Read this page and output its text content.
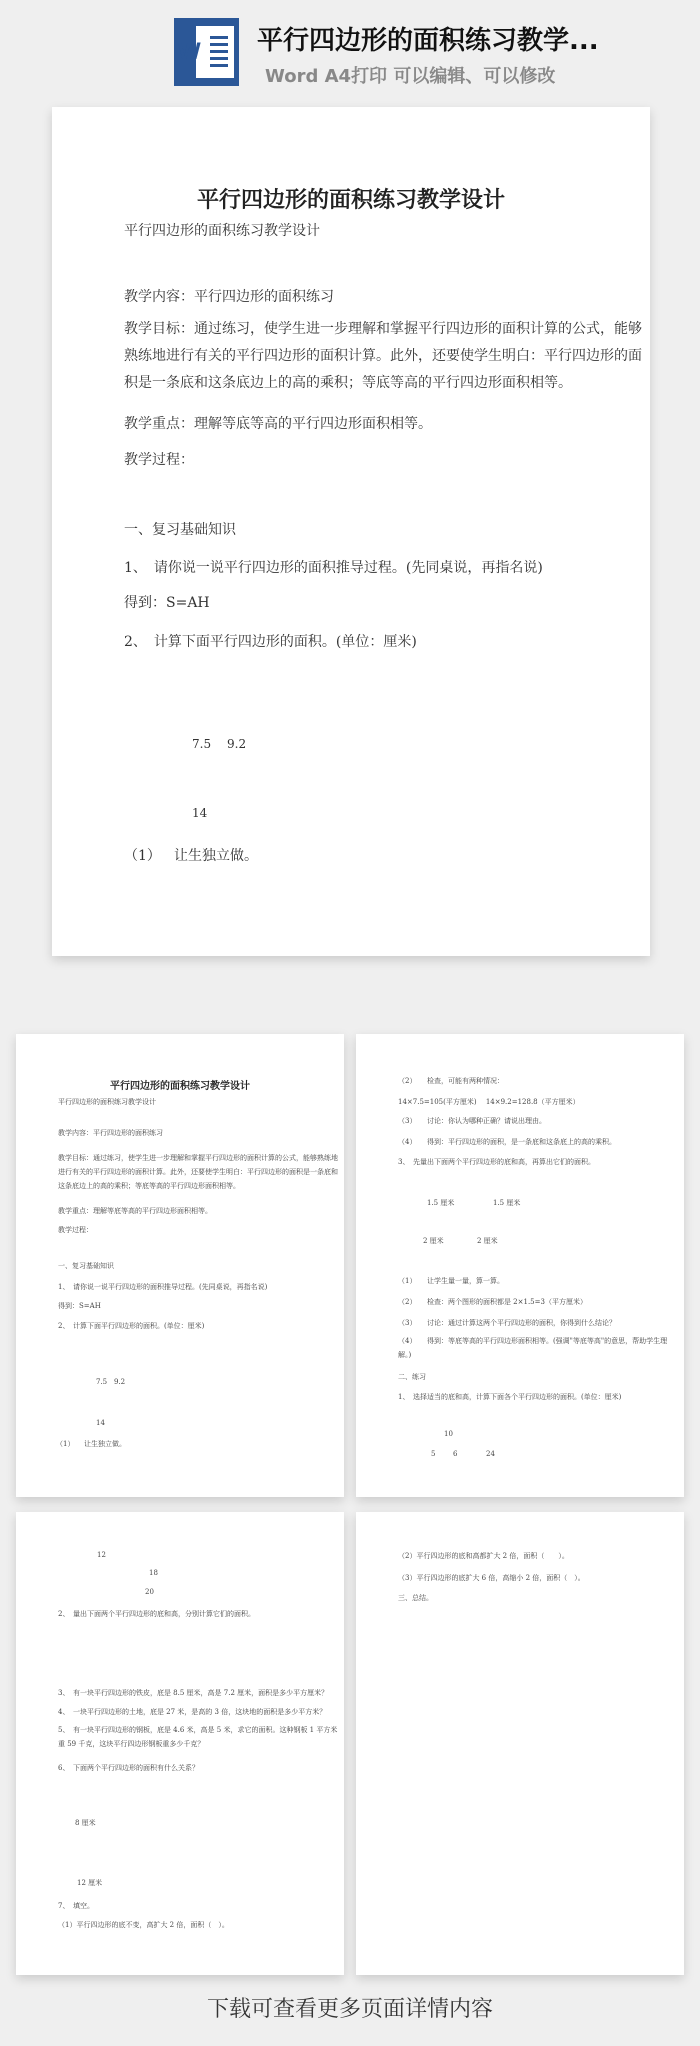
W 平行四边形的面积练习教学...
Word A4打印 可以编辑、可以修改
平行四边形的面积练习教学设计
平行四边形的面积练习教学设计
教学内容：平行四边形的面积练习
教学目标：通过练习，使学生进一步理解和掌握平行四边形的面积计算的公式，能够熟练地进行有关的平行四边形的面积计算。此外，还要使学生明白：平行四边形的面积是一条底和这条底边上的高的乘积；等底等高的平行四边形面积相等。
教学重点：理解等底等高的平行四边形面积相等。
教学过程：
一、复习基础知识
1、　请你说一说平行四边形的面积推导过程。(先同桌说，再指名说)
得到：S=AH
2、　计算下面平行四边形的面积。(单位：厘米)
7.5 9.2
14
（1） 让生独立做。
平行四边形的面积练习教学设计
平行四边形的面积练习教学设计
教学内容：平行四边形的面积练习
教学目标：通过练习，使学生进一步理解和掌握平行四边形的面积计算的公式，能够熟练地进行有关的平行四边形的面积计算。此外，还要使学生明白：平行四边形的面积是一条底和这条底边上的高的乘积；等底等高的平行四边形面积相等。
教学重点：理解等底等高的平行四边形面积相等。
教学过程：
一、复习基础知识
1、　请你说一说平行四边形的面积推导过程。(先同桌说，再指名说)
得到：S=AH
2、　计算下面平行四边形的面积。(单位：厘米)
7.5 9.2
14
（1） 让生独立做。
（2）　　检查，可能有两种情况：
14×7.5=105(平方厘米)　 14×9.2=128.8（平方厘米）
（3）　　讨论：你认为哪种正确？请说出理由。
（4）　　得到：平行四边形的面积，是一条底和这条底上的高的乘积。
3、　先量出下面两个平行四边形的底和高，再算出它们的面积。
1.5 厘米	1.5 厘米
2 厘米	2 厘米
（1）　　让学生量一量，算一算。
（2）　　检查：两个图形的面积都是 2×1.5=3（平方厘米）
（3）　　讨论：通过计算这两个平行四边形的面积，你得到什么结论？
（4）　　得到：等底等高的平行四边形面积相等。(强调"等底等高"的意思，帮助学生理解。)
二、练习
1、　选择适当的底和高，计算下面各个平行四边形的面积。(单位：厘米)
10
5	6	24
12
18
20
2、　量出下面两个平行四边形的底和高，分别计算它们的面积。
3、　有一块平行四边形的铁皮，底是 8.5 厘米，高是 7.2 厘米，面积是多少平方厘米？
4、　一块平行四边形的土地，底是 27 米，是高的 3 倍，这块地的面积是多少平方米？
5、　有一块平行四边形的钢板，底是 4.6 米，高是 5 米，求它的面积。这种钢板 1 平方米重 59 千克，这块平行四边形钢板重多少千克？
6、　下面两个平行四边形的面积有什么关系？
8 厘米
12 厘米
7、　填空。
（1）平行四边形的底不变，高扩大 2 倍，面积（　）。
（2）平行四边形的底和高都扩大 2 倍，面积（　　）。
（3）平行四边形的底扩大 6 倍，高缩小 2 倍，面积（　）。
三、总结。
下载可查看更多页面详情内容
